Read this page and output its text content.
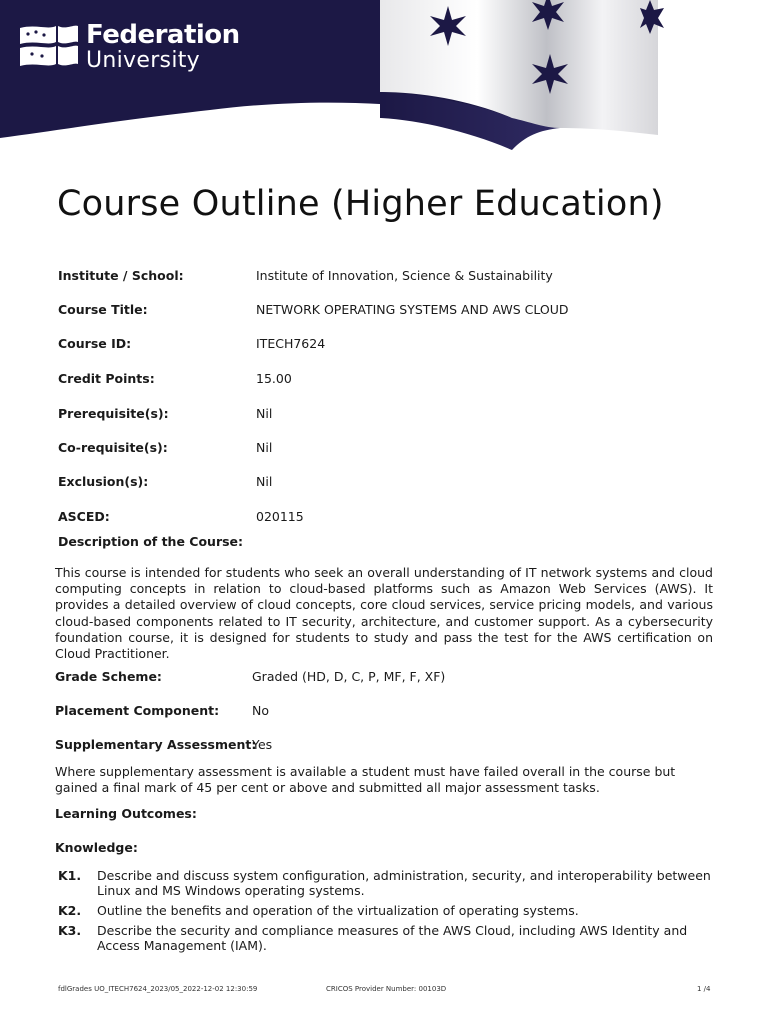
Federation
University
Course Outline (Higher Education)
Institute / School:	Institute of Innovation, Science & Sustainability
Course Title:	NETWORK OPERATING SYSTEMS AND AWS CLOUD
Course ID:	ITECH7624
Credit Points:	15.00
Prerequisite(s):	Nil
Co-requisite(s):	Nil
Exclusion(s):	Nil
ASCED:	020115
Description of the Course:
This course is intended for students who seek an overall understanding of IT network systems and cloud computing concepts in relation to cloud-based platforms such as Amazon Web Services (AWS). It provides a detailed overview of cloud concepts, core cloud services, service pricing models, and various cloud-based components related to IT security, architecture, and customer support. As a cybersecurity foundation course, it is designed for students to study and pass the test for the AWS certification on Cloud Practitioner.
Grade Scheme:	Graded (HD, D, C, P, MF, F, XF)
Placement Component:	No
Supplementary Assessment:
Yes
Where supplementary assessment is available a student must have failed overall in the course but gained a final mark of 45 per cent or above and submitted all major assessment tasks.
Learning Outcomes:
Knowledge:
K1. Describe and discuss system configuration, administration, security, and interoperability between Linux and MS Windows operating systems.
K2. Outline the benefits and operation of the virtualization of operating systems.
K3. Describe the security and compliance measures of the AWS Cloud, including AWS Identity and Access Management (IAM).
fdlGrades UO_ITECH7624_2023/05_2022-12-02 12:30:59	CRICOS Provider Number: 00103D	1 /4
